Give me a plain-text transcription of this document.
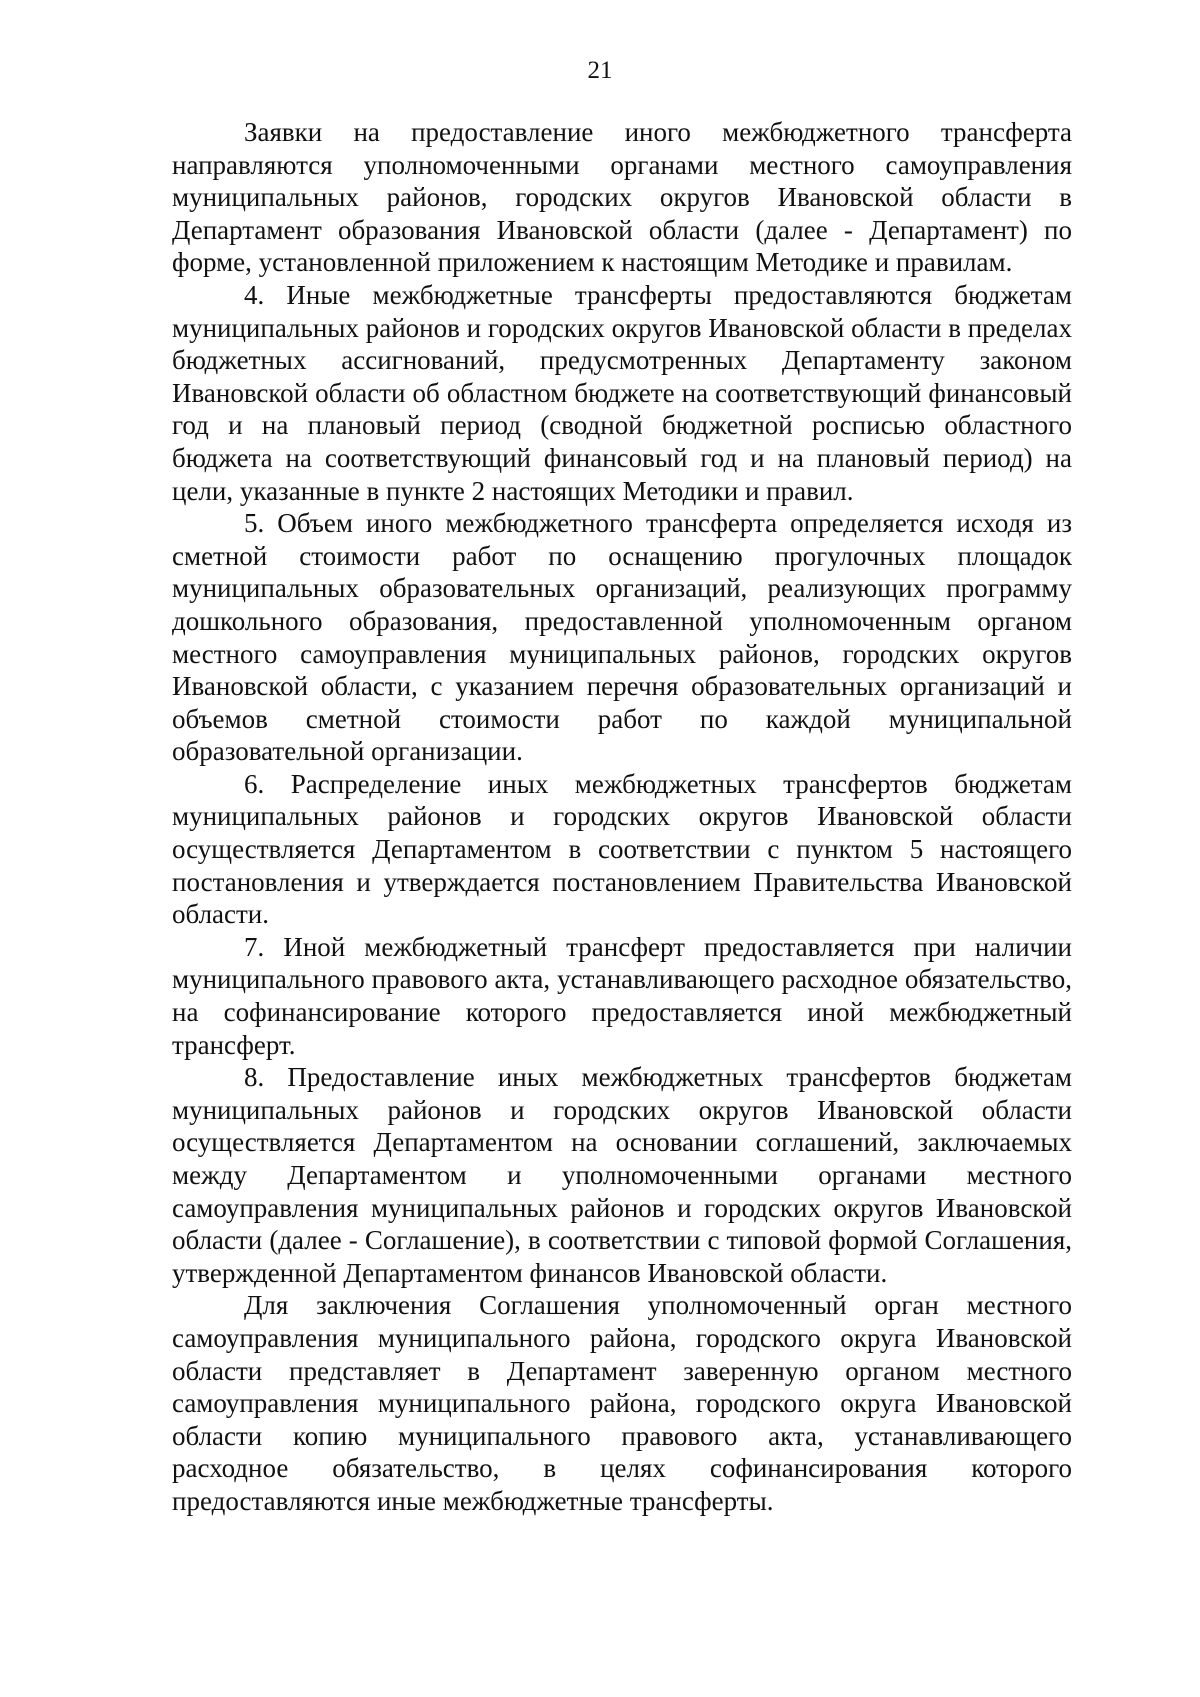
21

Заявки на предоставление иного межбюджетного трансферта направляются уполномоченными органами местного самоуправления муниципальных районов, городских округов Ивановской области в Департамент образования Ивановской области (далее - Департамент) по форме, установленной приложением к настоящим Методике и правилам.

4. Иные межбюджетные трансферты предоставляются бюджетам муниципальных районов и городских округов Ивановской области в пределах бюджетных ассигнований, предусмотренных Департаменту законом Ивановской области об областном бюджете на соответствующий финансовый год и на плановый период (сводной бюджетной росписью областного бюджета на соответствующий финансовый год и на плановый период) на цели, указанные в пункте 2 настоящих Методики и правил.

5. Объем иного межбюджетного трансферта определяется исходя из сметной стоимости работ по оснащению прогулочных площадок муниципальных образовательных организаций, реализующих программу дошкольного образования, предоставленной уполномоченным органом местного самоуправления муниципальных районов, городских округов Ивановской области, с указанием перечня образовательных организаций и объемов сметной стоимости работ по каждой муниципальной образовательной организации.

6. Распределение иных межбюджетных трансфертов бюджетам муниципальных районов и городских округов Ивановской области осуществляется Департаментом в соответствии с пунктом 5 настоящего постановления и утверждается постановлением Правительства Ивановской области.

7. Иной межбюджетный трансферт предоставляется при наличии муниципального правового акта, устанавливающего расходное обязательство, на софинансирование которого предоставляется иной межбюджетный трансферт.

8. Предоставление иных межбюджетных трансфертов бюджетам муниципальных районов и городских округов Ивановской области осуществляется Департаментом на основании соглашений, заключаемых между Департаментом и уполномоченными органами местного самоуправления муниципальных районов и городских округов Ивановской области (далее - Соглашение), в соответствии с типовой формой Соглашения, утвержденной Департаментом финансов Ивановской области.

Для заключения Соглашения уполномоченный орган местного самоуправления муниципального района, городского округа Ивановской области представляет в Департамент заверенную органом местного самоуправления муниципального района, городского округа Ивановской области копию муниципального правового акта, устанавливающего расходное обязательство, в целях софинансирования которого предоставляются иные межбюджетные трансферты.
